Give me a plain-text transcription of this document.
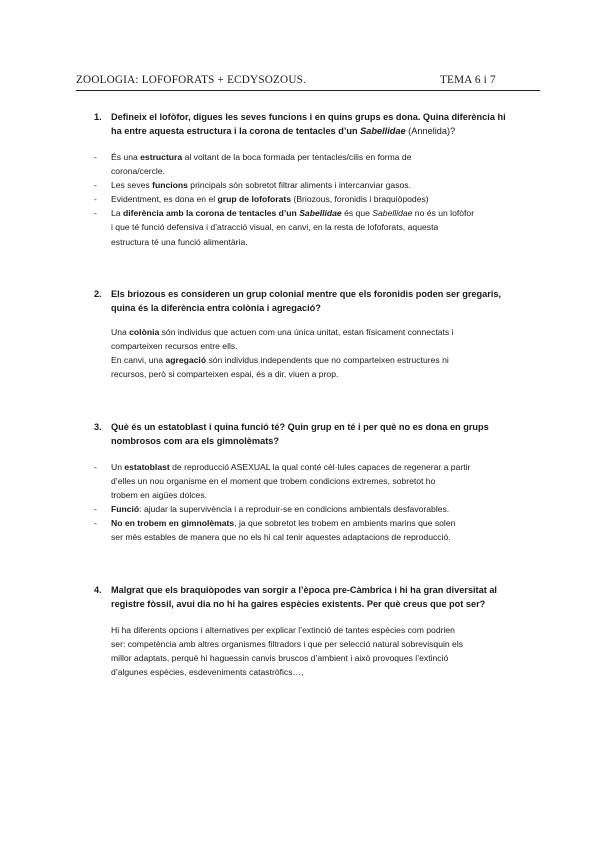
ZOOLOGIA: LOFOFORATS + ECDYSOZOUS.	TEMA 6 i 7
1. Defineix el lofòfor, digues les seves funcions i en quins grups es dona. Quina diferència hi
ha entre aquesta estructura i la corona de tentacles d’un Sabellidae (Annelida)?
- És una estructura al voltant de la boca formada per tentacles/cilis en forma de
corona/cercle.
- Les seves funcions principals són sobretot filtrar aliments i intercanviar gasos.
- Evidentment, es dona en el grup de lofoforats (Briozous, foronidis i braquiòpodes)
- La diferència amb la corona de tentacles d’un Sabellidae és que Sabellidae no és un lofòfor
i que té funció defensiva i d’atracció visual, en canvi, en la resta de lofoforats, aquesta
estructura té una funció alimentària.
2. Els briozous es consideren un grup colonial mentre que els foronidis poden ser gregaris,
quina és la diferència entra colònia i agregació?
Una colònia són individus que actuen com una única unitat, estan físicament connectats i
comparteixen recursos entre ells.
En canvi, una agregació són individus independents que no comparteixen estructures ni
recursos, però si comparteixen espai, és a dir, viuen a prop.
3. Què és un estatoblast i quina funció té? Quin grup en té i per què no es dona en grups
nombrosos com ara els gimnolèmats?
- Un estatoblast de reproducció ASEXUAL la qual conté cèl·lules capaces de regenerar a partir
d’elles un nou organisme en el moment que trobem condicions extremes, sobretot ho
trobem en aigües dolces.
- Funció: ajudar la supervivència i a reproduir-se en condicions ambientals desfavorables.
- No en trobem en gimnolèmats, ja que sobretot les trobem en ambients marins que solen
ser més estables de manera que no els hi cal tenir aquestes adaptacions de reproducció.
4. Malgrat que els braquiòpodes van sorgir a l’època pre-Càmbrica i hi ha gran diversitat al
registre fòssil, avui dia no hi ha gaires espècies existents. Per què creus que pot ser?
Hi ha diferents opcions i alternatives per explicar l’extinció de tantes espècies com podrien
ser: competència amb altres organismes filtradors i que per selecció natural sobrevisquin els
millor adaptats, perquè hi haguessin canvis bruscos d’ambient i això provoques l’extinció
d’algunes espècies, esdeveniments catastròfics…,
